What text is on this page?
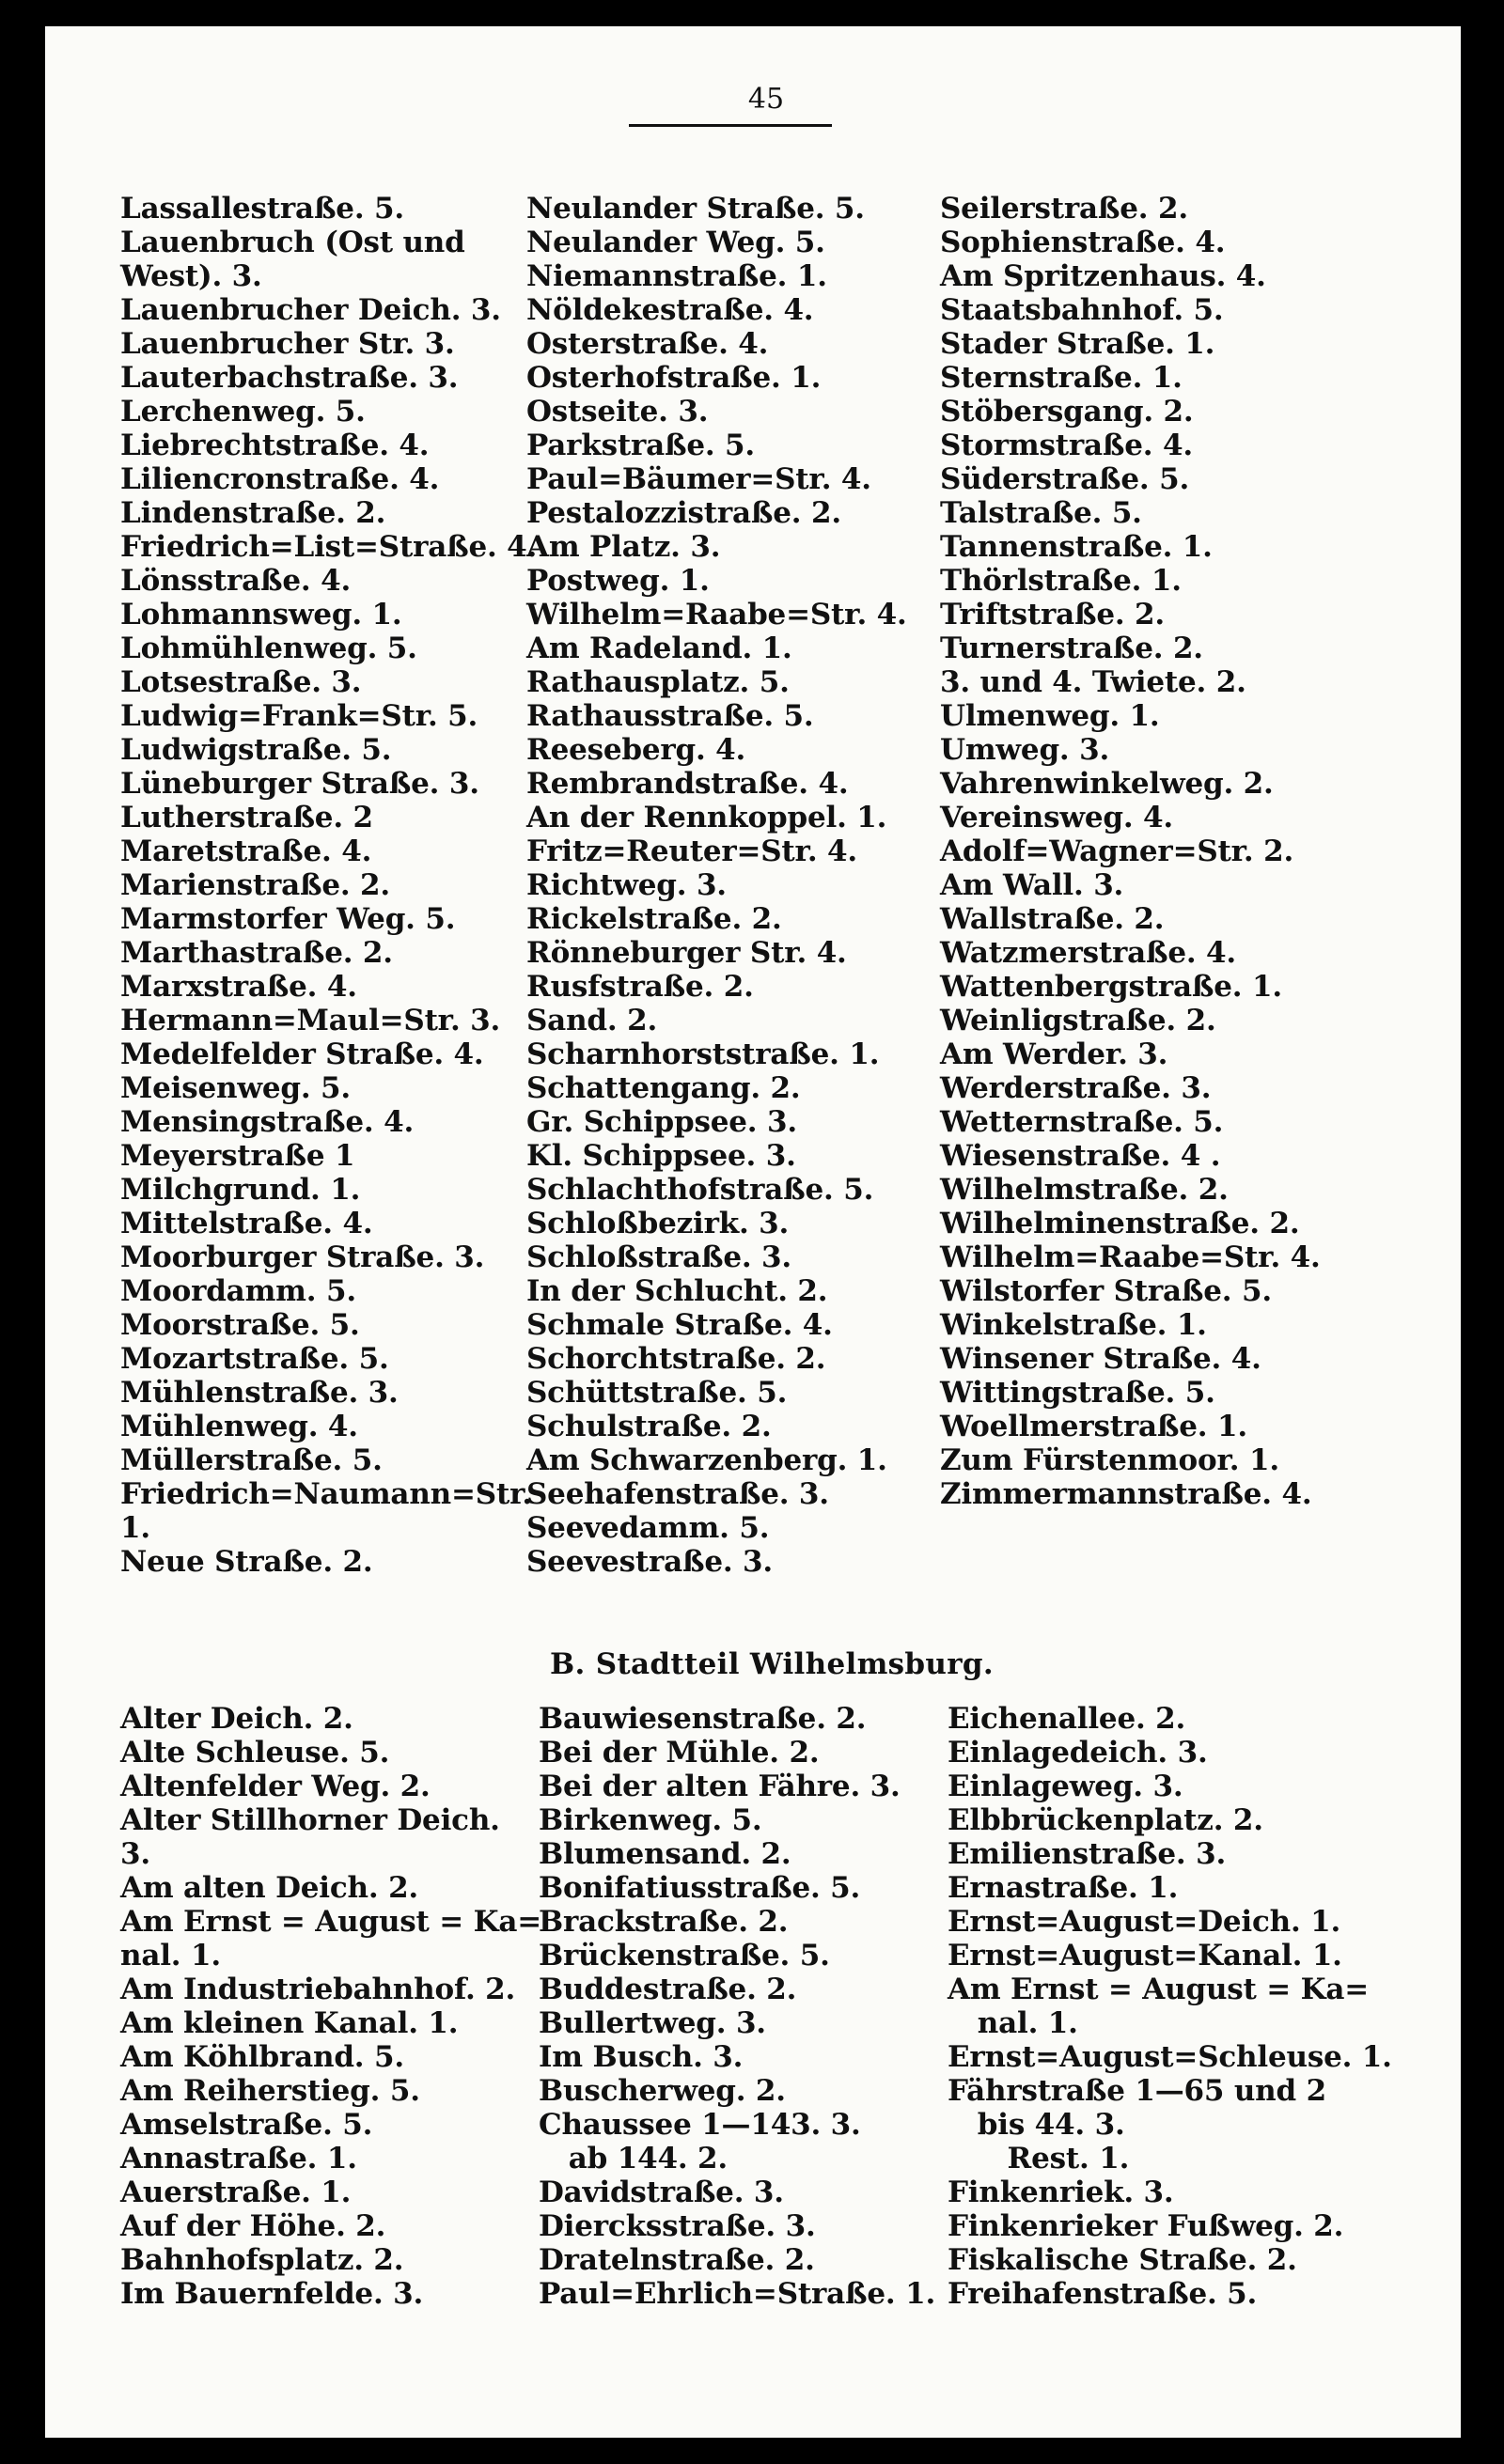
45
Lassallestraße. 5.
Lauenbruch (Ost und
West). 3.
Lauenbrucher Deich. 3.
Lauenbrucher Str. 3.
Lauterbachstraße. 3.
Lerchenweg. 5.
Liebrechtstraße. 4.
Liliencronstraße. 4.
Lindenstraße. 2.
Friedrich=List=Straße. 4.
Lönsstraße. 4.
Lohmannsweg. 1.
Lohmühlenweg. 5.
Lotsestraße. 3.
Ludwig=Frank=Str. 5.
Ludwigstraße. 5.
Lüneburger Straße. 3.
Lutherstraße. 2
Maretstraße. 4.
Marienstraße. 2.
Marmstorfer Weg. 5.
Marthastraße. 2.
Marxstraße. 4.
Hermann=Maul=Str. 3.
Medelfelder Straße. 4.
Meisenweg. 5.
Mensingstraße. 4.
Meyerstraße 1
Milchgrund. 1.
Mittelstraße. 4.
Moorburger Straße. 3.
Moordamm. 5.
Moorstraße. 5.
Mozartstraße. 5.
Mühlenstraße. 3.
Mühlenweg. 4.
Müllerstraße. 5.
Friedrich=Naumann=Str.
1.
Neue Straße. 2.
Neulander Straße. 5.
Neulander Weg. 5.
Niemannstraße. 1.
Nöldekestraße. 4.
Osterstraße. 4.
Osterhofstraße. 1.
Ostseite. 3.
Parkstraße. 5.
Paul=Bäumer=Str. 4.
Pestalozzistraße. 2.
Am Platz. 3.
Postweg. 1.
Wilhelm=Raabe=Str. 4.
Am Radeland. 1.
Rathausplatz. 5.
Rathausstraße. 5.
Reeseberg. 4.
Rembrandstraße. 4.
An der Rennkoppel. 1.
Fritz=Reuter=Str. 4.
Richtweg. 3.
Rickelstraße. 2.
Rönneburger Str. 4.
Rusfstraße. 2.
Sand. 2.
Scharnhorststraße. 1.
Schattengang. 2.
Gr. Schippsee. 3.
Kl. Schippsee. 3.
Schlachthofstraße. 5.
Schloßbezirk. 3.
Schloßstraße. 3.
In der Schlucht. 2.
Schmale Straße. 4.
Schorchtstraße. 2.
Schüttstraße. 5.
Schulstraße. 2.
Am Schwarzenberg. 1.
Seehafenstraße. 3.
Seevedamm. 5.
Seevestraße. 3.
Seilerstraße. 2.
Sophienstraße. 4.
Am Spritzenhaus. 4.
Staatsbahnhof. 5.
Stader Straße. 1.
Sternstraße. 1.
Stöbersgang. 2.
Stormstraße. 4.
Süderstraße. 5.
Talstraße. 5.
Tannenstraße. 1.
Thörlstraße. 1.
Triftstraße. 2.
Turnerstraße. 2.
3. und 4. Twiete. 2.
Ulmenweg. 1.
Umweg. 3.
Vahrenwinkelweg. 2.
Vereinsweg. 4.
Adolf=Wagner=Str. 2.
Am Wall. 3.
Wallstraße. 2.
Watzmerstraße. 4.
Wattenbergstraße. 1.
Weinligstraße. 2.
Am Werder. 3.
Werderstraße. 3.
Wetternstraße. 5.
Wiesenstraße. 4 .
Wilhelmstraße. 2.
Wilhelminenstraße. 2.
Wilhelm=Raabe=Str. 4.
Wilstorfer Straße. 5.
Winkelstraße. 1.
Winsener Straße. 4.
Wittingstraße. 5.
Woellmerstraße. 1.
Zum Fürstenmoor. 1.
Zimmermannstraße. 4.
B. Stadtteil Wilhelmsburg.
Alter Deich. 2.
Alte Schleuse. 5.
Altenfelder Weg. 2.
Alter Stillhorner Deich.
3.
Am alten Deich. 2.
Am Ernst = August = Ka=
nal. 1.
Am Industriebahnhof. 2.
Am kleinen Kanal. 1.
Am Köhlbrand. 5.
Am Reiherstieg. 5.
Amselstraße. 5.
Annastraße. 1.
Auerstraße. 1.
Auf der Höhe. 2.
Bahnhofsplatz. 2.
Im Bauernfelde. 3.
Bauwiesenstraße. 2.
Bei der Mühle. 2.
Bei der alten Fähre. 3.
Birkenweg. 5.
Blumensand. 2.
Bonifatiusstraße. 5.
Brackstraße. 2.
Brückenstraße. 5.
Buddestraße. 2.
Bullertweg. 3.
Im Busch. 3.
Buscherweg. 2.
Chaussee 1—143. 3.
ab 144. 2.
Davidstraße. 3.
Diercksstraße. 3.
Dratelnstraße. 2.
Paul=Ehrlich=Straße. 1.
Eichenallee. 2.
Einlagedeich. 3.
Einlageweg. 3.
Elbbrückenplatz. 2.
Emilienstraße. 3.
Ernastraße. 1.
Ernst=August=Deich. 1.
Ernst=August=Kanal. 1.
Am Ernst = August = Ka=
nal. 1.
Ernst=August=Schleuse. 1.
Fährstraße 1—65 und 2
bis 44. 3.
Rest. 1.
Finkenriek. 3.
Finkenrieker Fußweg. 2.
Fiskalische Straße. 2.
Freihafenstraße. 5.
